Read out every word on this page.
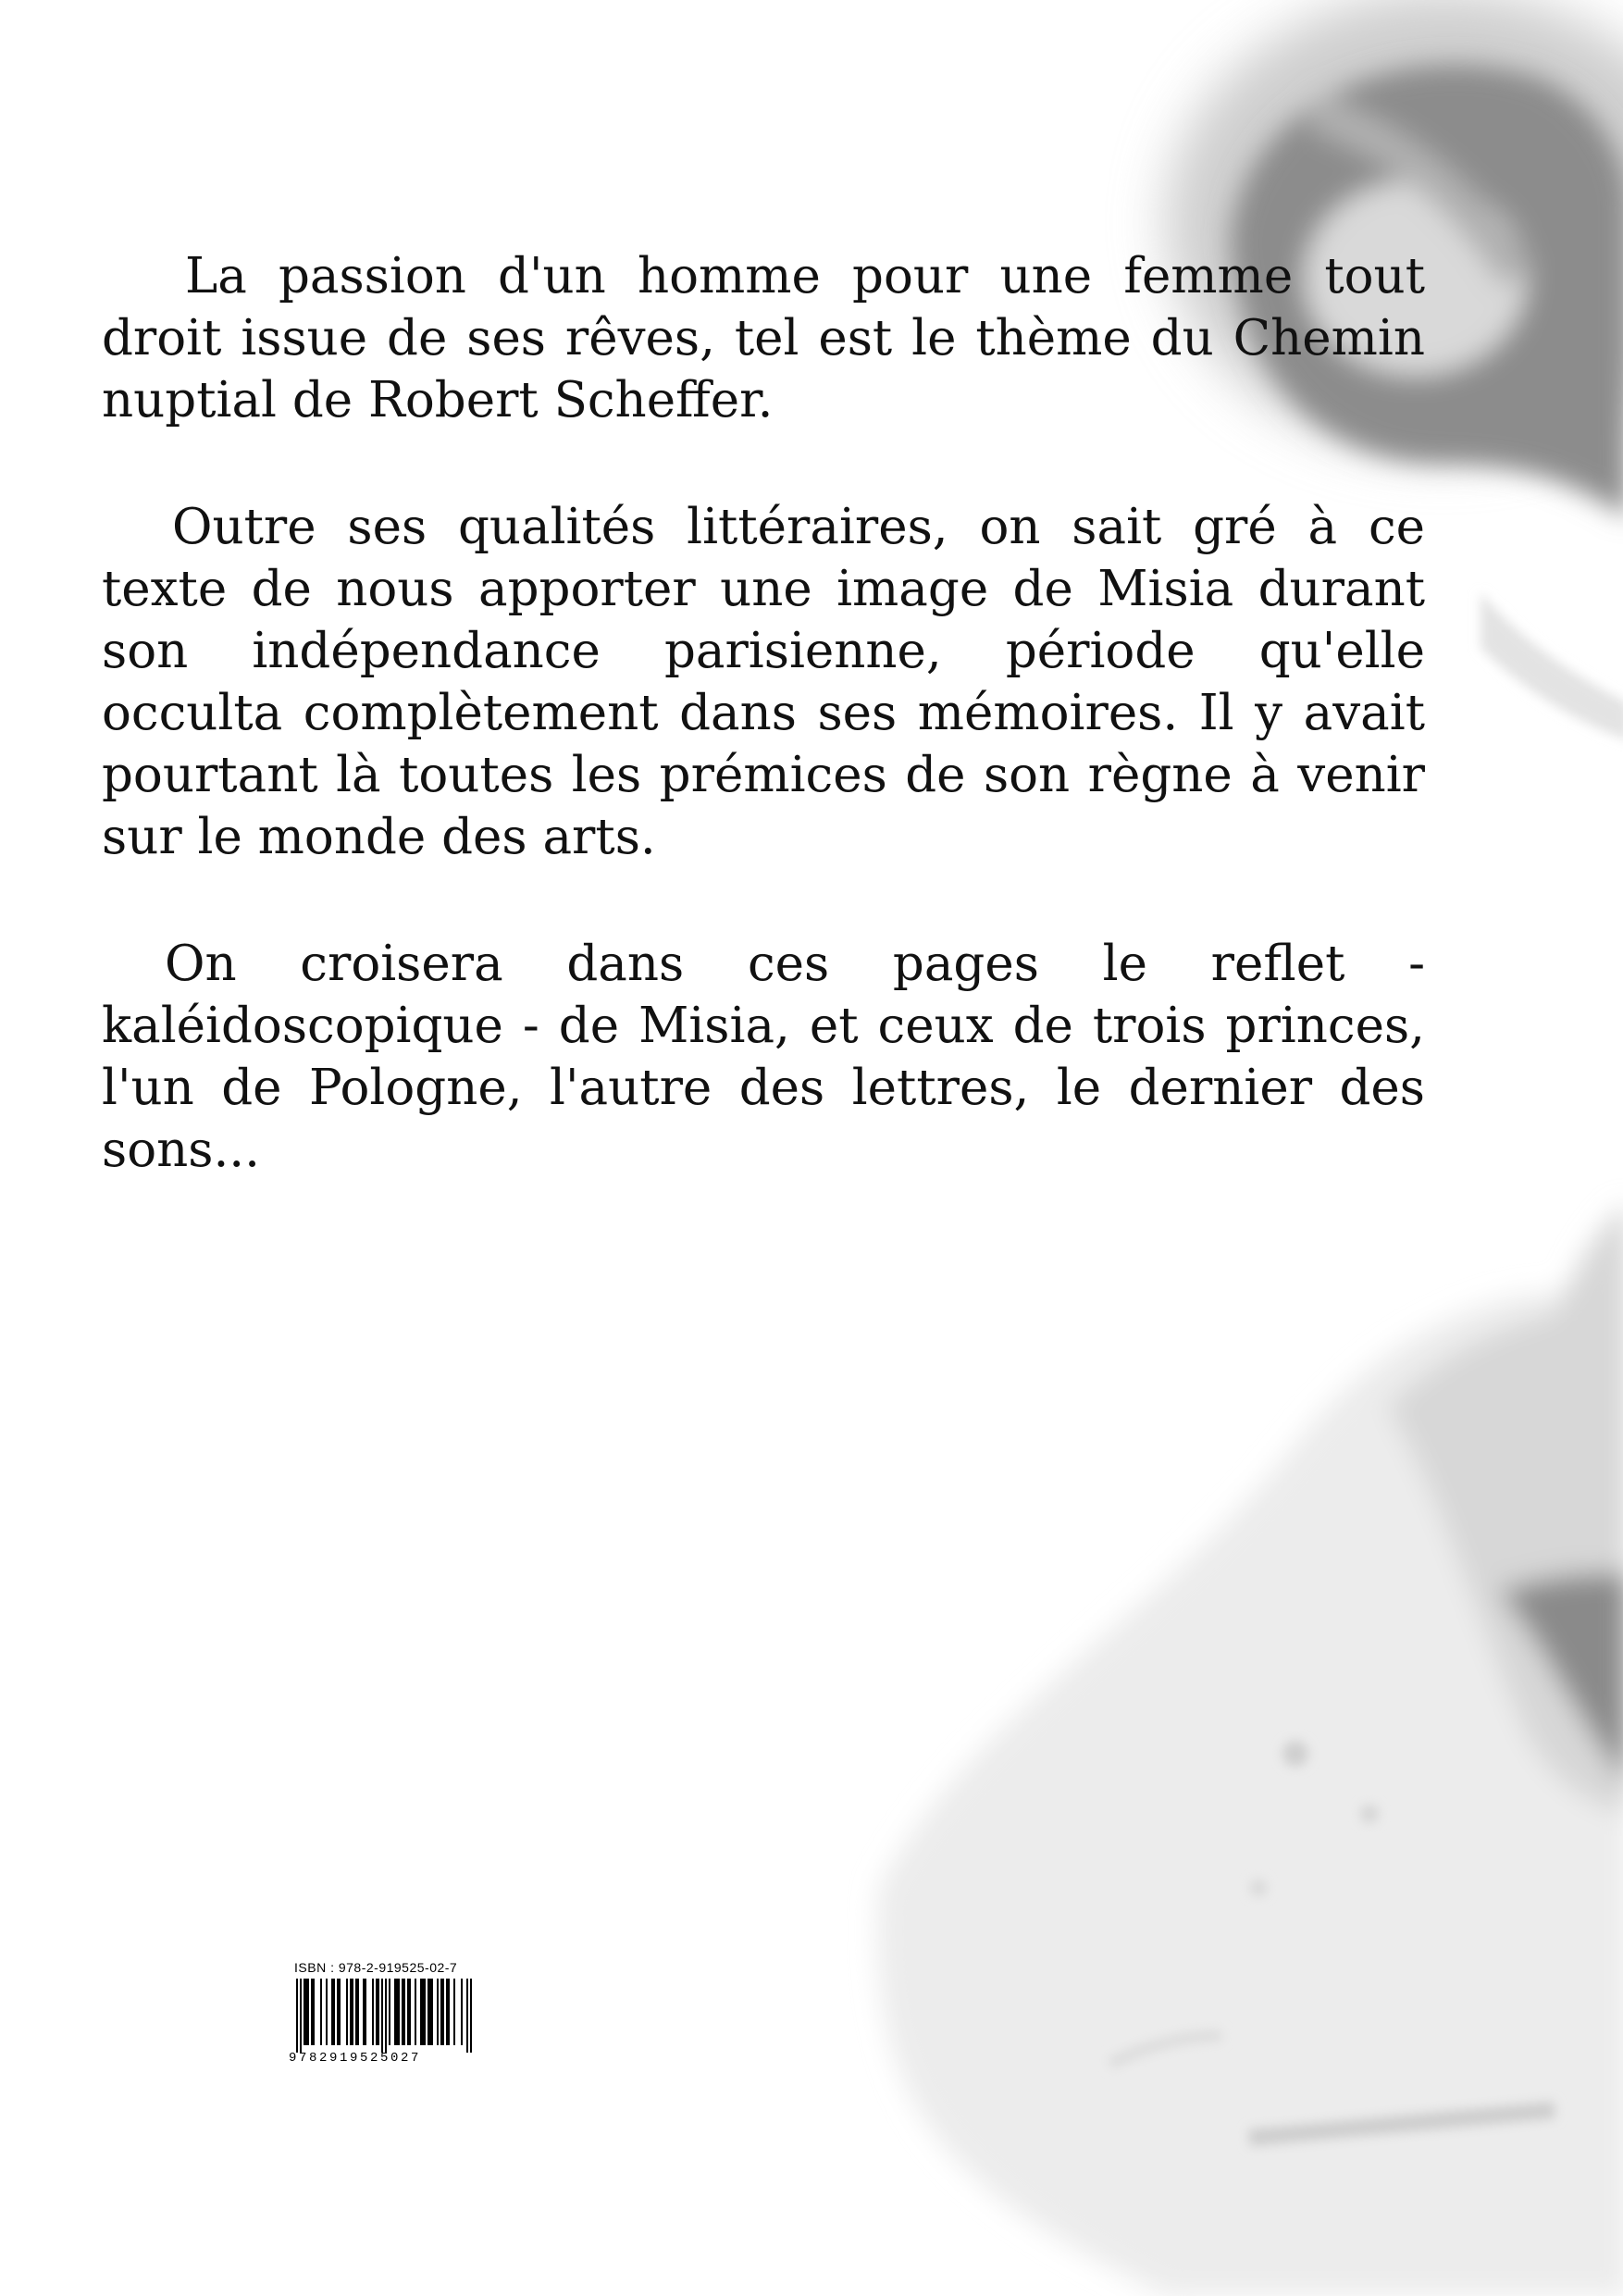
La passion d'un homme pour une femme tout droit issue de ses rêves, tel est le thème du Chemin nuptial de Robert Scheffer.

Outre ses qualités littéraires, on sait gré à ce texte de nous apporter une image de Misia durant son indépendance parisienne, période qu'elle occulta complètement dans ses mémoires. Il y avait pourtant là toutes les prémices de son règne à venir sur le monde des arts.

On croisera dans ces pages le reflet - kaléidoscopique - de Misia, et ceux de trois princes, l'un de Pologne, l'autre des lettres, le dernier des sons...

ISBN : 978-2-919525-02-7
9782919525027
